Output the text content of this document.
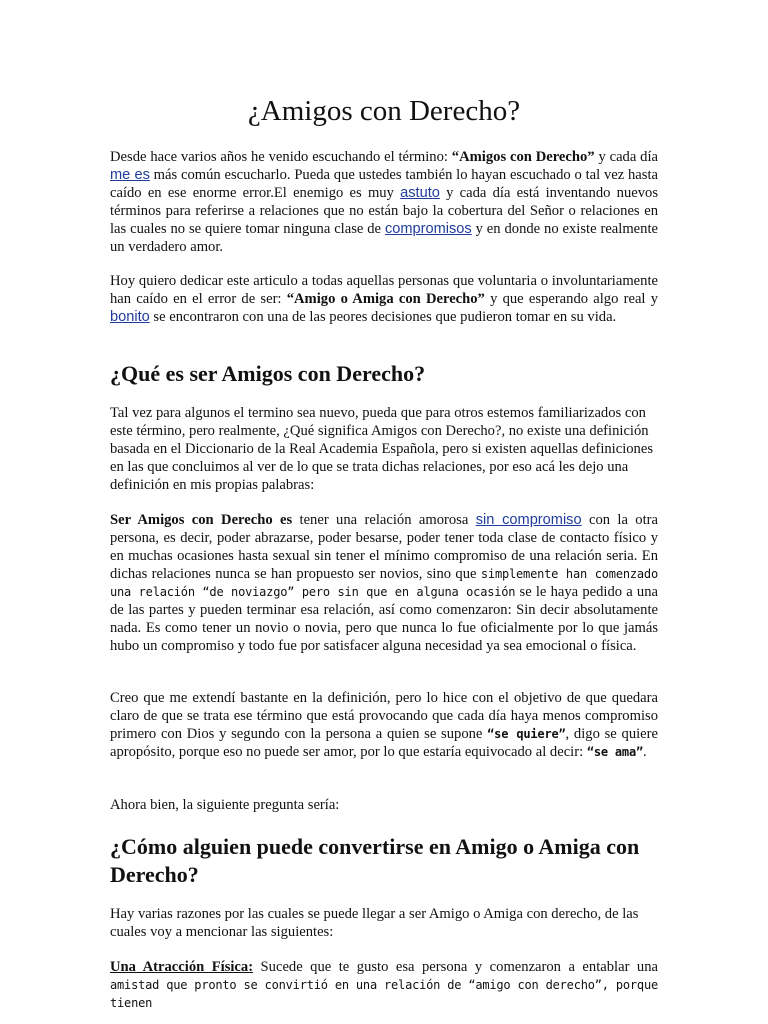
¿Amigos con Derecho?

Desde hace varios años he venido escuchando el término: “Amigos con Derecho” y cada día me es más común escucharlo. Pueda que ustedes también lo hayan escuchado o tal vez hasta caído en ese enorme error.El enemigo es muy astuto y cada día está inventando nuevos términos para referirse a relaciones que no están bajo la cobertura del Señor o relaciones en las cuales no se quiere tomar ninguna clase de compromisos y en donde no existe realmente un verdadero amor.

Hoy quiero dedicar este articulo a todas aquellas personas que voluntaria o involuntariamente han caído en el error de ser: “Amigo o Amiga con Derecho” y que esperando algo real y bonito se encontraron con una de las peores decisiones que pudieron tomar en su vida.

¿Qué es ser Amigos con Derecho?

Tal vez para algunos el termino sea nuevo, pueda que para otros estemos familiarizados con este término, pero realmente, ¿Qué significa Amigos con Derecho?, no existe una definición basada en el Diccionario de la Real Academia Española, pero si existen aquellas definiciones en las que concluimos al ver de lo que se trata dichas relaciones, por eso acá les dejo una definición en mis propias palabras:

Ser Amigos con Derecho es tener una relación amorosa sin compromiso con la otra persona, es decir, poder abrazarse, poder besarse, poder tener toda clase de contacto físico y en muchas ocasiones hasta sexual sin tener el mínimo compromiso de una relación seria. En dichas relaciones nunca se han propuesto ser novios, sino que simplemente han comenzado una relación “de noviazgo” pero sin que en alguna ocasión se le haya pedido a una de las partes y pueden terminar esa relación, así como comenzaron: Sin decir absolutamente nada. Es como tener un novio o novia, pero que nunca lo fue oficialmente por lo que jamás hubo un compromiso y todo fue por satisfacer alguna necesidad ya sea emocional o física.

Creo que me extendí bastante en la definición, pero lo hice con el objetivo de que quedara claro de que se trata ese término que está provocando que cada día haya menos compromiso primero con Dios y segundo con la persona a quien se supone “se quiere”, digo se quiere apropósito, porque eso no puede ser amor, por lo que estaría equivocado al decir: “se ama”.

Ahora bien, la siguiente pregunta sería:

¿Cómo alguien puede convertirse en Amigo o Amiga con Derecho?

Hay varias razones por las cuales se puede llegar a ser Amigo o Amiga con derecho, de las cuales voy a mencionar las siguientes:

Una Atracción Física: Sucede que te gusto esa persona y comenzaron a entablar una amistad que pronto se convirtió en una relación de “amigo con derecho”, porque tienen
